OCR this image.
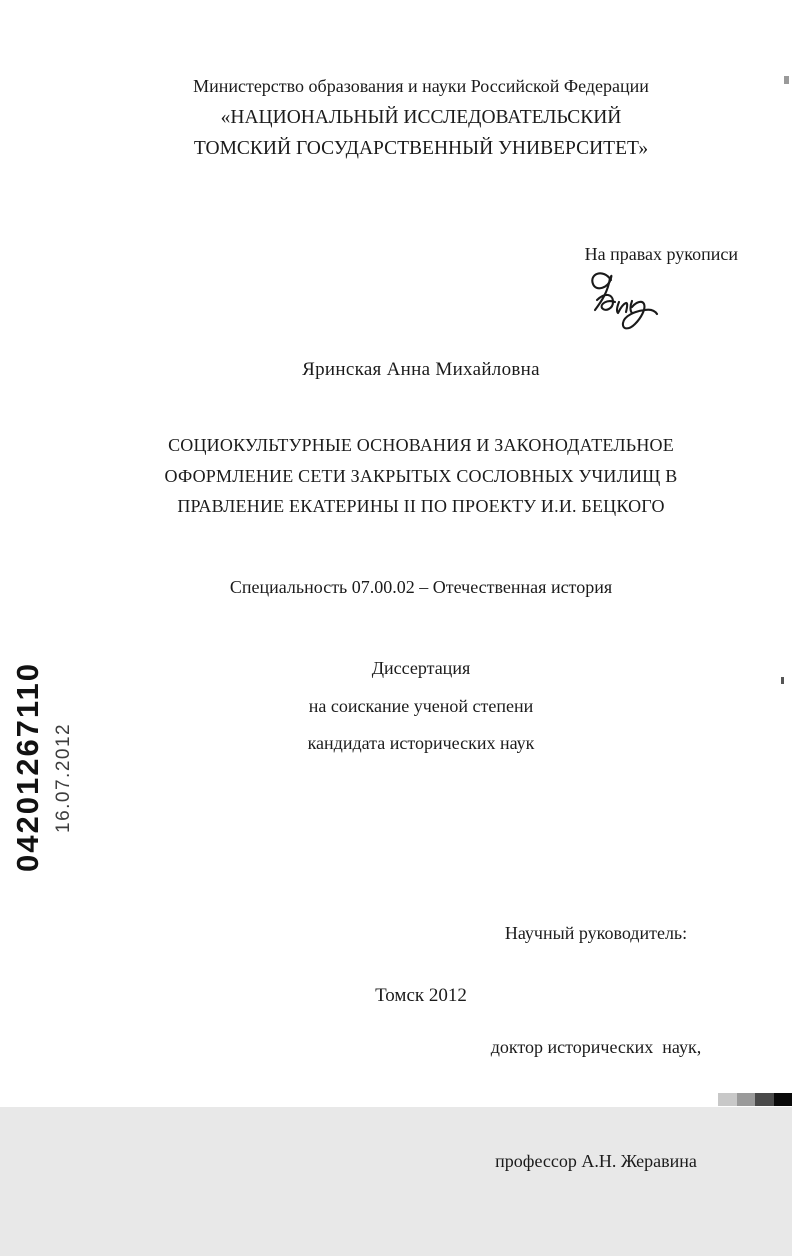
Министерство образования и науки Российской Федерации
«НАЦИОНАЛЬНЫЙ ИССЛЕДОВАТЕЛЬСКИЙ
ТОМСКИЙ ГОСУДАРСТВЕННЫЙ УНИВЕРСИТЕТ»
На правах рукописи
Яринская Анна Михайловна
СОЦИОКУЛЬТУРНЫЕ ОСНОВАНИЯ И ЗАКОНОДАТЕЛЬНОЕ
ОФОРМЛЕНИЕ СЕТИ ЗАКРЫТЫХ СОСЛОВНЫХ УЧИЛИЩ В
ПРАВЛЕНИЕ ЕКАТЕРИНЫ II ПО ПРОЕКТУ И.И. БЕЦКОГО
Специальность 07.00.02 – Отечественная история
Диссертация
на соискание ученой степени
кандидата исторических наук

Научный руководитель:

доктор исторических  наук,

профессор А.Н. Жеравина

Томск 2012
04201267110 16.07.2012
